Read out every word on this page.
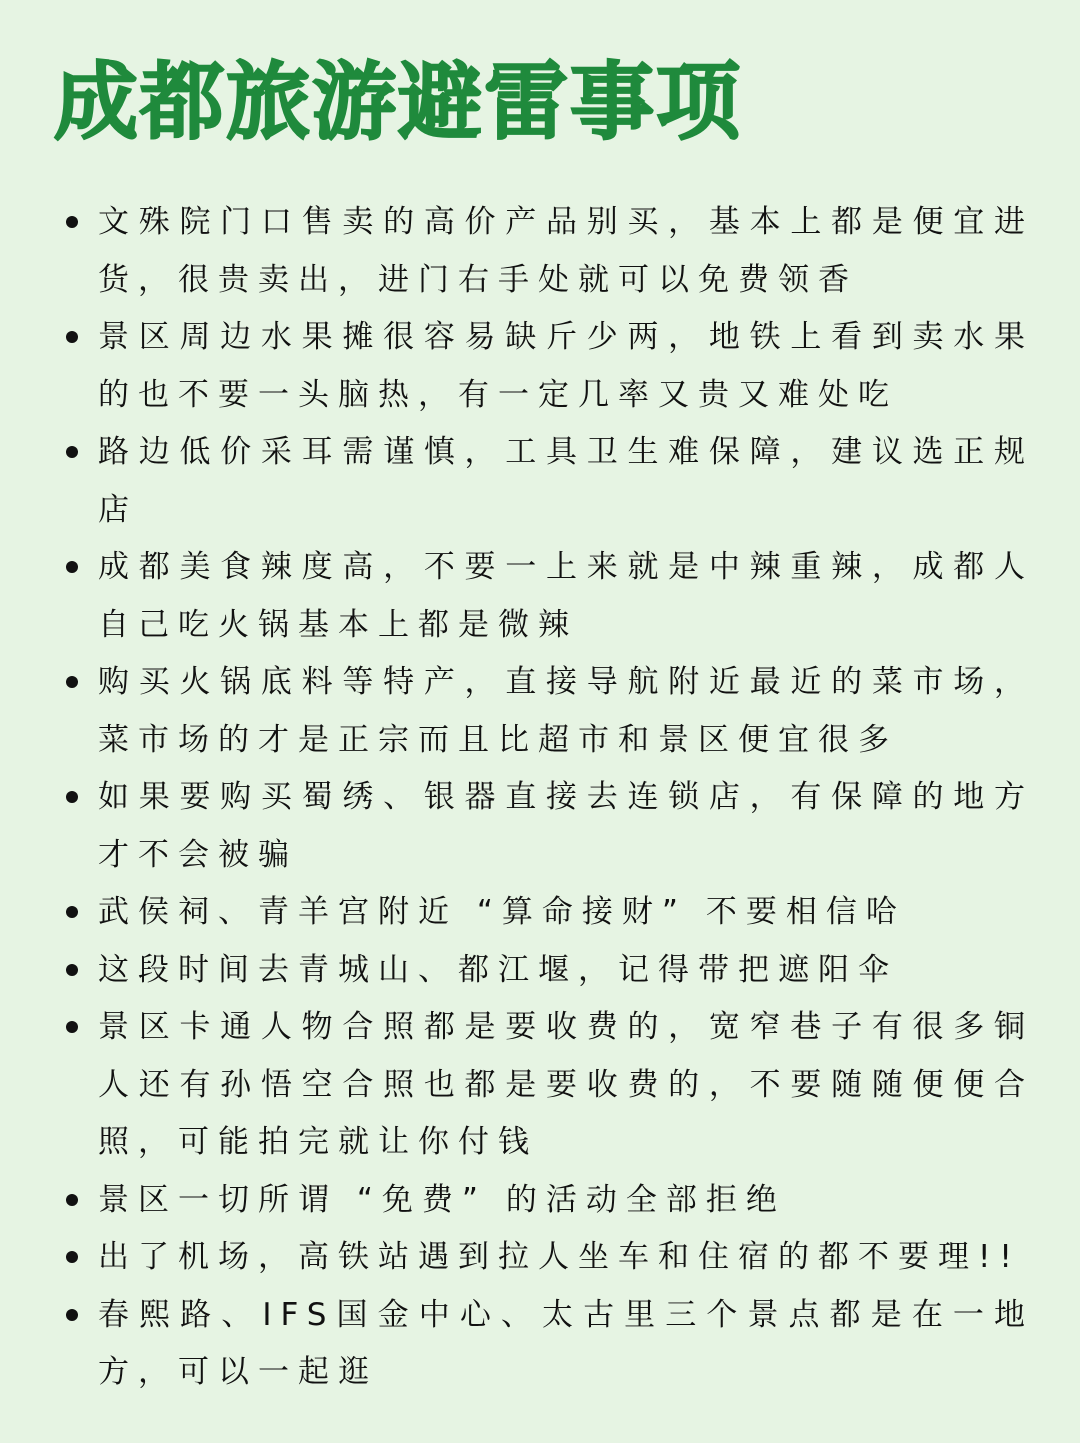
成都旅游避雷事项
文殊院门口售卖的高价产品别买，基本上都是便宜进货，很贵卖出，进门右手处就可以免费领香
景区周边水果摊很容易缺斤少两，地铁上看到卖水果的也不要一头脑热，有一定几率又贵又难处吃
路边低价采耳需谨慎，工具卫生难保障，建议选正规店
成都美食辣度高，不要一上来就是中辣重辣，成都人自己吃火锅基本上都是微辣
购买火锅底料等特产，直接导航附近最近的菜市场，菜市场的才是正宗而且比超市和景区便宜很多
如果要购买蜀绣、银器直接去连锁店，有保障的地方才不会被骗
武侯祠、青羊宫附近 “算命接财” 不要相信哈
这段时间去青城山、都江堰，记得带把遮阳伞
景区卡通人物合照都是要收费的，宽窄巷子有很多铜人还有孙悟空合照也都是要收费的，不要随随便便合照，可能拍完就让你付钱
景区一切所谓 “免费” 的活动全部拒绝
出了机场，高铁站遇到拉人坐车和住宿的都不要理!!
春熙路、IFS国金中心、太古里三个景点都是在一地方，可以一起逛
